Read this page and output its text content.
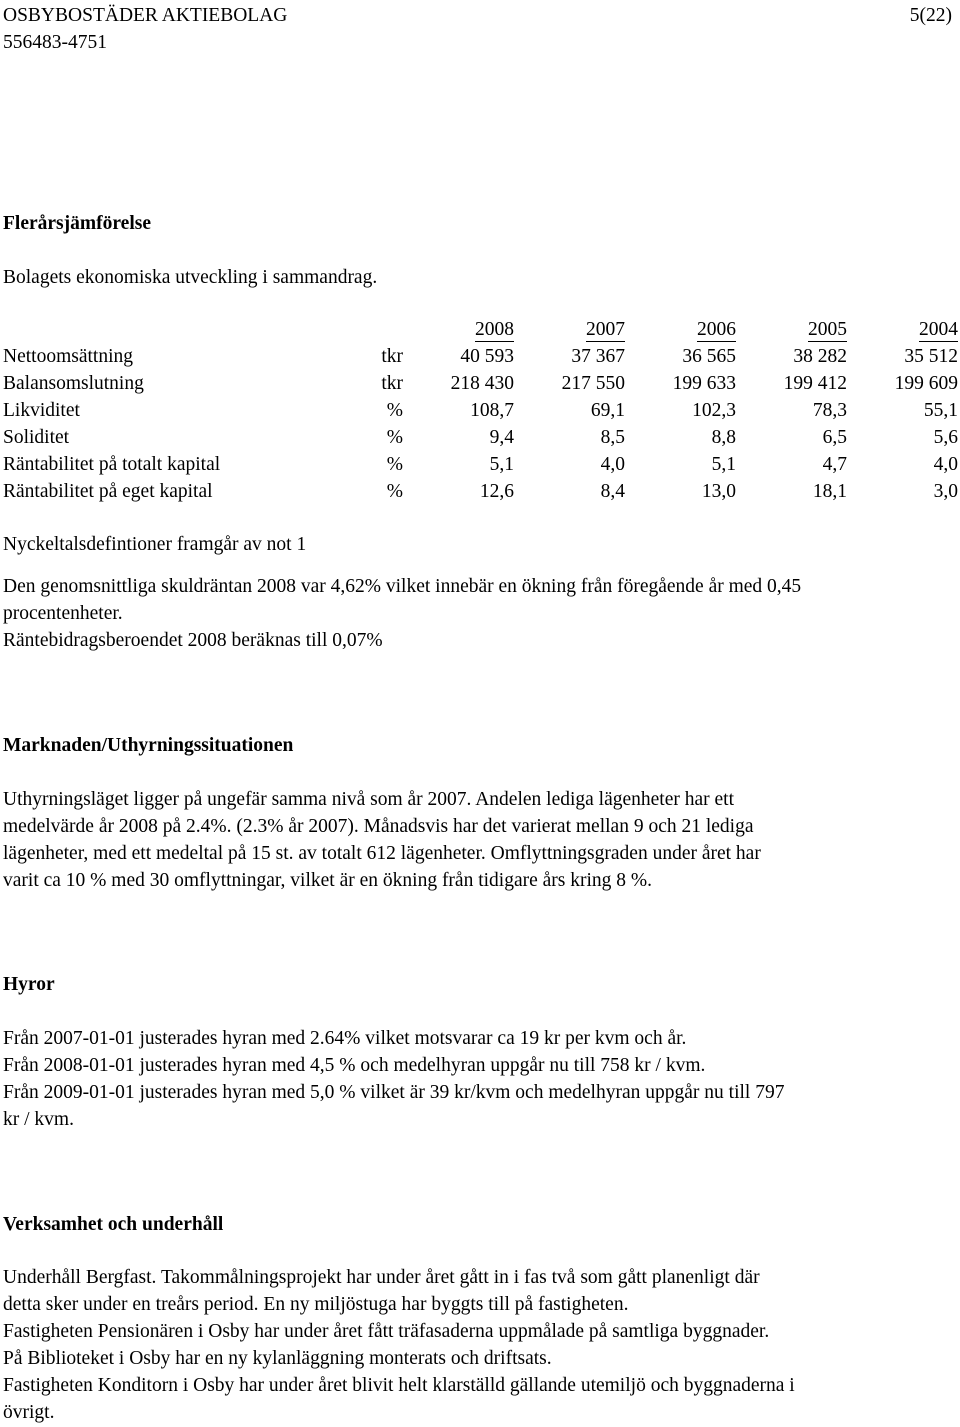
OSBYBOSTÄDER AKTIEBOLAG
556483-4751
5(22)
Flerårsjämförelse
Bolagets ekonomiska utveckling i sammandrag.
		2008	2007	2006	2005	2004
Nettoomsättning	tkr	40 593	37 367	36 565	38 282	35 512
Balansomslutning	tkr	218 430	217 550	199 633	199 412	199 609
Likviditet	%	108,7	69,1	102,3	78,3	55,1
Soliditet	%	9,4	8,5	8,8	6,5	5,6
Räntabilitet på totalt kapital	%	5,1	4,0	5,1	4,7	4,0
Räntabilitet på eget kapital	%	12,6	8,4	13,0	18,1	3,0
Nyckeltalsdefintioner framgår av not 1
Den genomsnittliga skuldräntan 2008 var 4,62% vilket innebär en ökning från föregående år med 0,45
procentenheter.
Räntebidragsberoendet 2008 beräknas till 0,07%
Marknaden/Uthyrningssituationen
Uthyrningsläget ligger på ungefär samma nivå som år 2007. Andelen lediga lägenheter har ett
medelvärde år 2008 på 2.4%. (2.3% år 2007). Månadsvis har det varierat mellan 9 och 21 lediga
lägenheter, med ett medeltal på 15 st. av totalt 612 lägenheter. Omflyttningsgraden under året har
varit ca 10 % med 30 omflyttningar, vilket är en ökning från tidigare års kring 8 %.
Hyror
Från 2007-01-01 justerades hyran med 2.64% vilket motsvarar ca 19 kr per kvm och år.
Från 2008-01-01 justerades hyran med 4,5 % och medelhyran uppgår nu till 758 kr / kvm.
Från 2009-01-01 justerades hyran med 5,0 % vilket är 39 kr/kvm och medelhyran uppgår nu till 797
kr / kvm.
Verksamhet och underhåll
Underhåll Bergfast. Takommålningsprojekt har under året gått in i fas två som gått planenligt där
detta sker under en treårs period. En ny miljöstuga har byggts till på fastigheten.
Fastigheten Pensionären i Osby har under året fått träfasaderna uppmålade på samtliga byggnader.
På Biblioteket i Osby har en ny kylanläggning monterats och driftsats.
Fastigheten Konditorn i Osby har under året blivit helt klarställd gällande utemiljö och byggnaderna i
övrigt.
